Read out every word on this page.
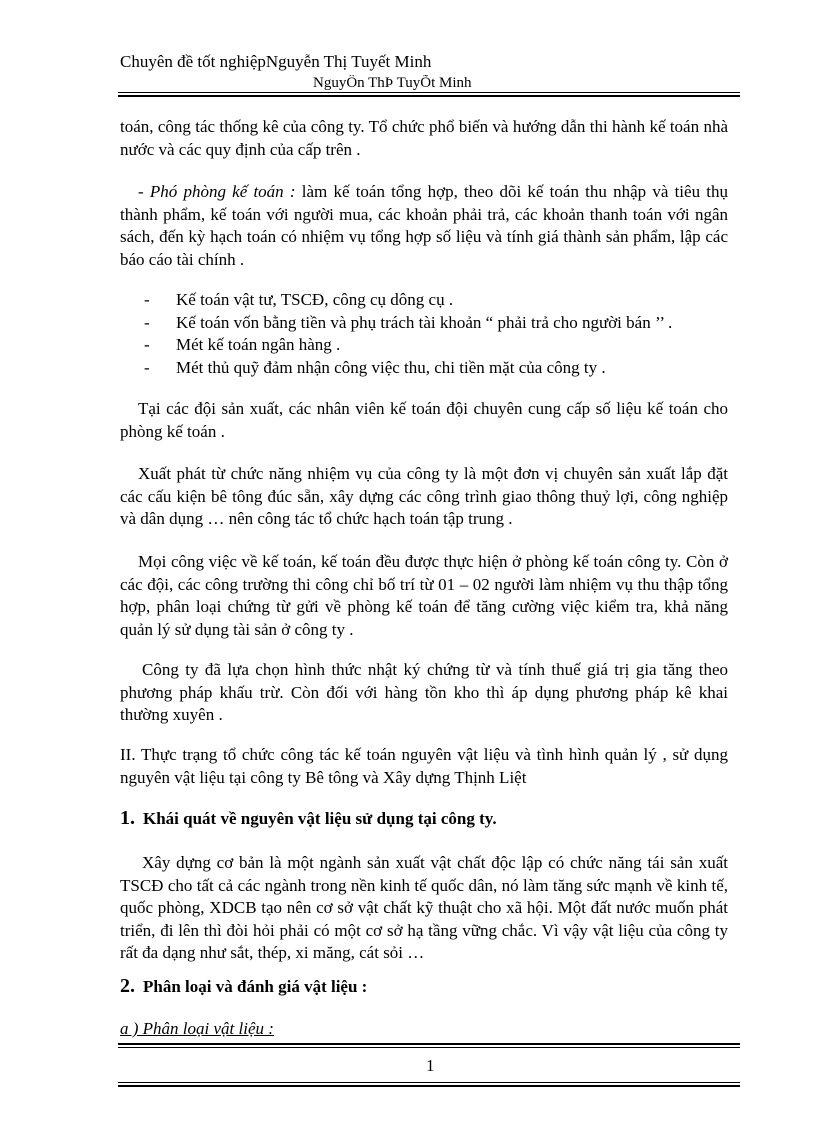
Chuyên đề tốt nghiệpNguyễn Thị Tuyết Minh
NguyÔn ThÞ TuyÕt Minh
toán, công tác thống kê của công ty. Tổ chức phổ biến và hướng dẫn thi hành kế toán nhà nước và các quy định của cấp trên .
- Phó phòng kế toán : làm kế toán tổng hợp, theo dõi kế toán thu nhập và tiêu thụ thành phẩm, kế toán với người mua, các khoản phải trả, các khoản thanh toán với ngân sách, đến kỳ hạch toán có nhiệm vụ tổng hợp số liệu và tính giá thành sản phẩm, lập các báo cáo tài chính .
-	Kế toán vật tư, TSCĐ, công cụ dông cụ .
-	Kế toán vốn bằng tiền và phụ trách tài khoản “ phải trả cho người bán ’’ .
-	Mét kế toán ngân hàng .
-	Mét thủ quỹ đảm nhận công việc thu, chi tiền mặt của công ty .
Tại các đội sản xuất, các nhân viên kế toán đội chuyên cung cấp số liệu kế toán cho phòng kế toán .
Xuất phát từ chức năng nhiệm vụ của công ty là một đơn vị chuyên sản xuất lắp đặt các cấu kiện bê tông đúc sẵn, xây dựng các công trình giao thông thuỷ lợi, công nghiệp và dân dụng … nên công tác tổ chức hạch toán tập trung .
Mọi công việc về kế toán, kế toán đều được thực hiện ở phòng kế toán công ty. Còn ở các đội, các công trường thi công chỉ bố trí từ 01 – 02 người làm nhiệm vụ thu thập tổng hợp, phân loại chứng từ gửi về phòng kế toán để tăng cường việc kiểm tra, khả năng quản lý sử dụng tài sản ở công ty .
Công ty đã lựa chọn hình thức nhật ký chứng từ và tính thuế giá trị gia tăng theo phương pháp khấu trừ. Còn đối với hàng tồn kho thì áp dụng phương pháp kê khai thường xuyên .
II. Thực trạng tổ chức công tác kế toán nguyên vật liệu và tình hình quản lý , sử dụng nguyên vật liệu tại công ty Bê tông và Xây dựng Thịnh Liệt
1. Khái quát về nguyên vật liệu sử dụng tại công ty.
Xây dựng cơ bản là một ngành sản xuất vật chất độc lập có chức năng tái sản xuất TSCĐ cho tất cả các ngành trong nền kinh tế quốc dân, nó làm tăng sức mạnh về kinh tế, quốc phòng, XDCB tạo nên cơ sở vật chất kỹ thuật cho xã hội. Một đất nước muốn phát triển, đi lên thì đòi hỏi phải có một cơ sở hạ tầng vững chắc. Vì vậy vật liệu của công ty rất đa dạng như sắt, thép, xi măng, cát sỏi …
2. Phân loại và đánh giá vật liệu :
a ) Phân loại vật liệu :
1
